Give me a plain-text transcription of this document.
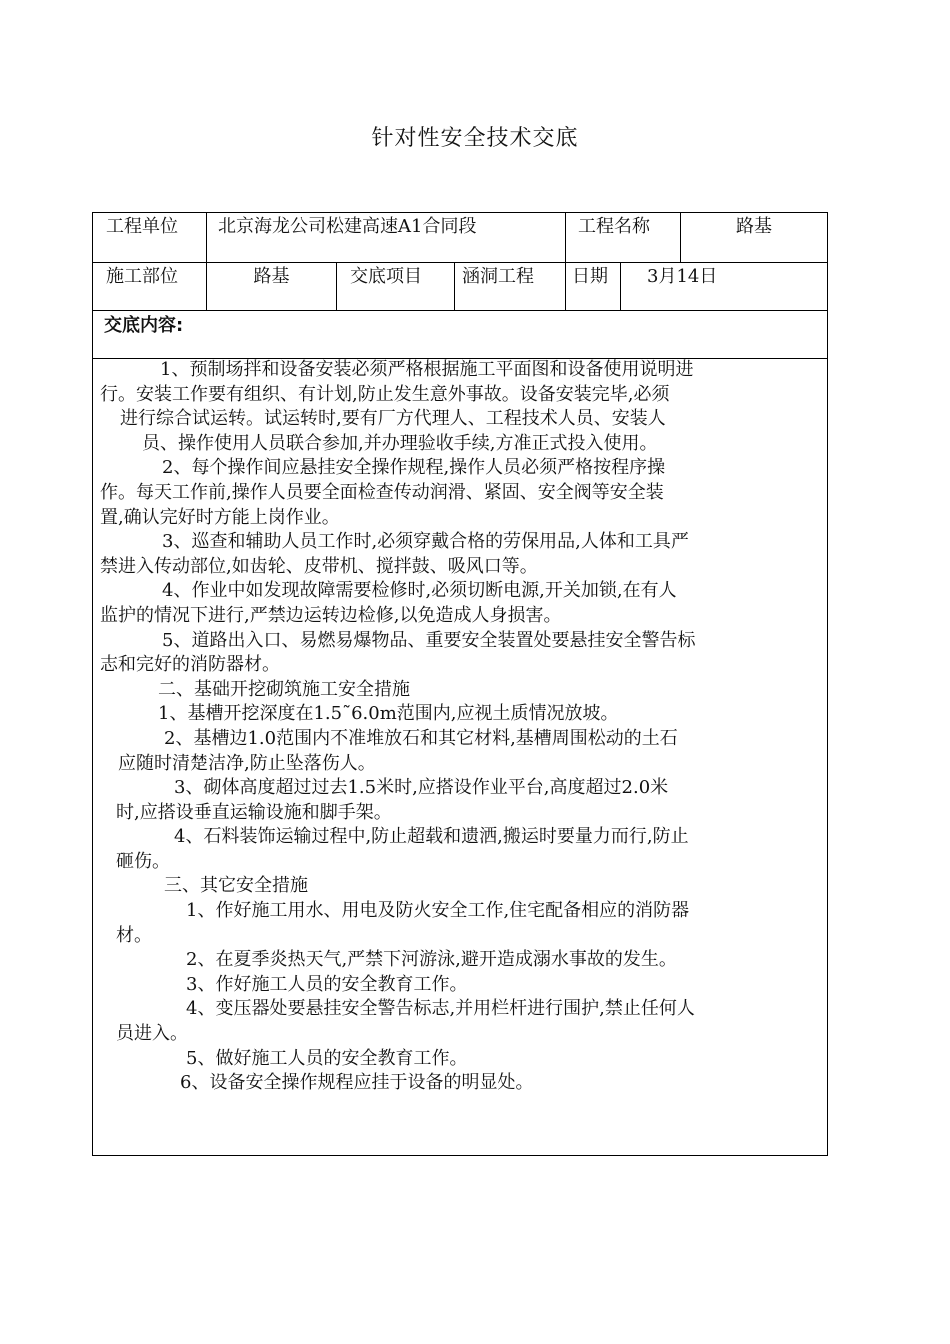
针对性安全技术交底
工程单位 北京海龙公司松建高速A1合同段	工程名称	路基
施工部位	路基	交底项目 涵洞工程 日期 3月14日
交底内容:
1、预制场拌和设备安装必须严格根据施工平面图和设备使用说明进
行。安装工作要有组织、有计划,防止发生意外事故。设备安装完毕,必须
进行综合试运转。试运转时,要有厂方代理人、工程技术人员、安装人
员、操作使用人员联合参加,并办理验收手续,方准正式投入使用。
2、每个操作间应悬挂安全操作规程,操作人员必须严格按程序操
作。每天工作前,操作人员要全面检查传动润滑、紧固、安全阀等安全装
置,确认完好时方能上岗作业。
3、巡查和辅助人员工作时,必须穿戴合格的劳保用品,人体和工具严
禁进入传动部位,如齿轮、皮带机、搅拌鼓、吸风口等。
4、作业中如发现故障需要检修时,必须切断电源,开关加锁,在有人
监护的情况下进行,严禁边运转边检修,以免造成人身损害。
5、道路出入口、易燃易爆物品、重要安全装置处要悬挂安全警告标
志和完好的消防器材。
二、基础开挖砌筑施工安全措施
1、基槽开挖深度在1.5˜6.0m范围内,应视土质情况放坡。
2、基槽边1.0范围内不准堆放石和其它材料,基槽周围松动的土石
应随时清楚洁净,防止坠落伤人。
3、砌体高度超过过去1.5米时,应搭设作业平台,高度超过2.0米
时,应搭设垂直运输设施和脚手架。
4、石料装饰运输过程中,防止超载和遗洒,搬运时要量力而行,防止
砸伤。
三、其它安全措施
1、作好施工用水、用电及防火安全工作,住宅配备相应的消防器
材。
2、在夏季炎热天气,严禁下河游泳,避开造成溺水事故的发生。
3、作好施工人员的安全教育工作。
4、变压器处要悬挂安全警告标志,并用栏杆进行围护,禁止任何人
员进入。
5、做好施工人员的安全教育工作。
6、设备安全操作规程应挂于设备的明显处。
